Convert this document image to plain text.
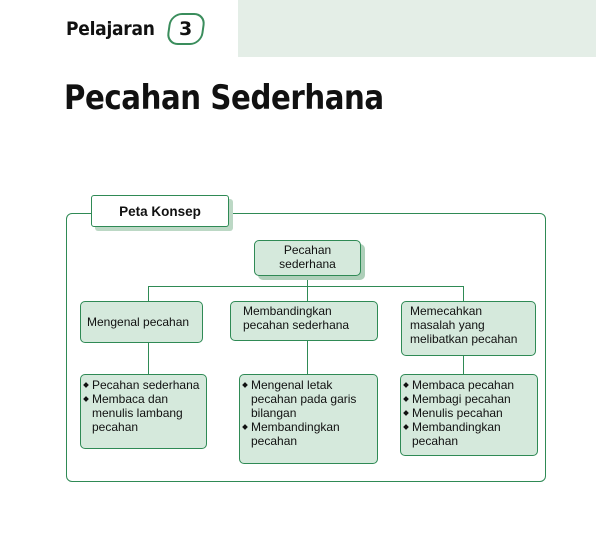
Pelajaran 3
Pecahan Sederhana
Peta Konsep
Pecahan
sederhana
Mengenal pecahan
Membandingkan
pecahan sederhana
Memecahkan
masalah yang
melibatkan pecahan
Pecahan sederhana
Membaca dan
menulis lambang
pecahan
Mengenal letak
pecahan pada garis
bilangan
Membandingkan
pecahan
Membaca pecahan
Membagi pecahan
Menulis pecahan
Membandingkan
pecahan
